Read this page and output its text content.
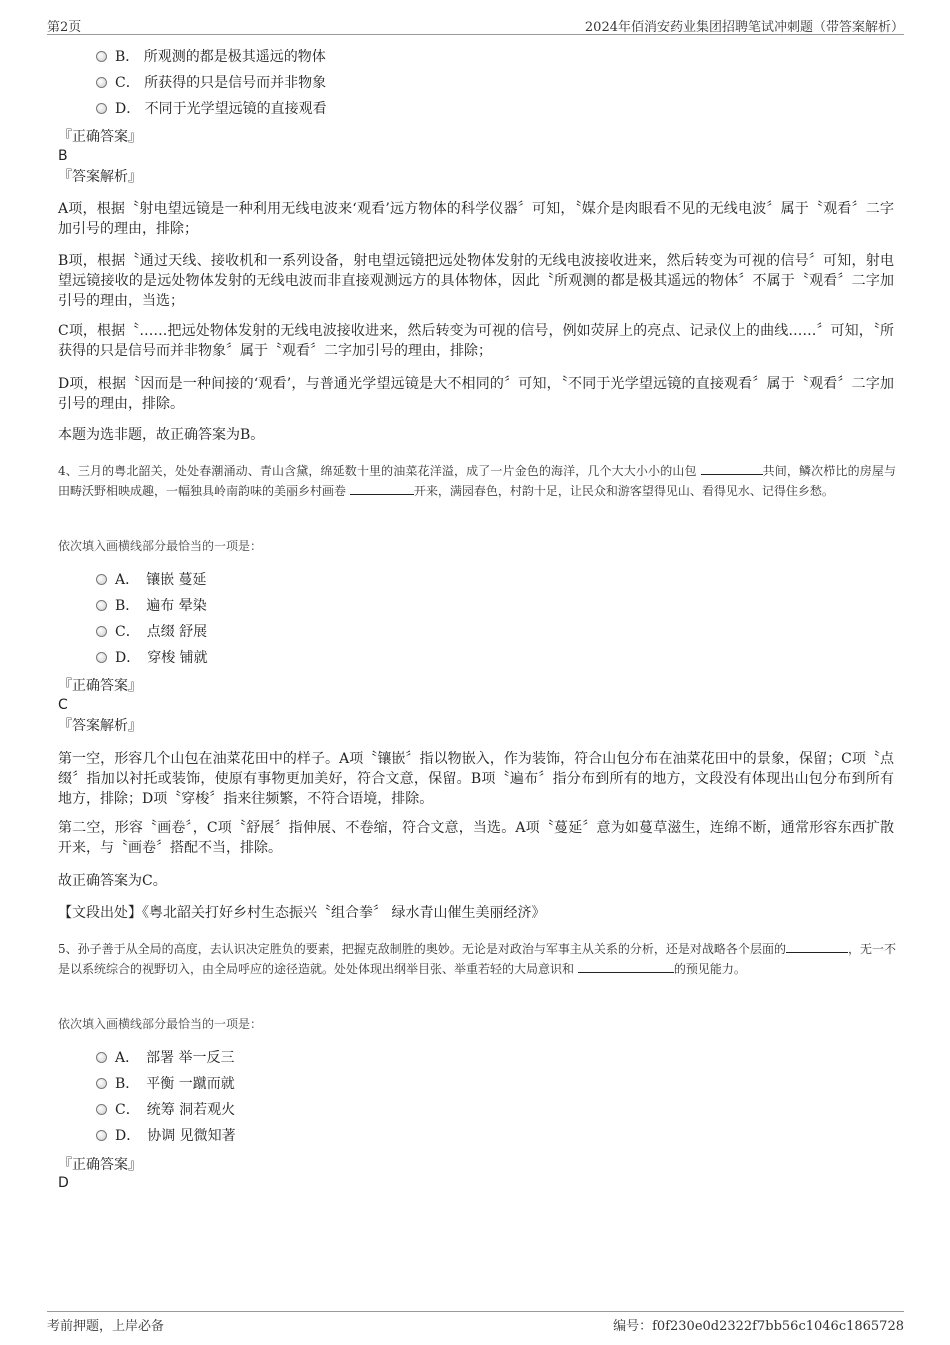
第2页	2024年佰消安药业集团招聘笔试冲刺题（带答案解析）
B． 所观测的都是极其遥远的物体
C． 所获得的只是信号而并非物象
D． 不同于光学望远镜的直接观看
『正确答案』
B
『答案解析』
A项，根据〝射电望远镜是一种利用无线电波来‘观看’远方物体的科学仪器〞可知，〝媒介是肉眼看不见的无线电波〞属于〝观看〞二字加引号的理由，排除；
B项，根据〝通过天线、接收机和一系列设备，射电望远镜把远处物体发射的无线电波接收进来，然后转变为可视的信号〞可知，射电望远镜接收的是远处物体发射的无线电波而非直接观测远方的具体物体，因此〝所观测的都是极其遥远的物体〞不属于〝观看〞二字加引号的理由，当选；
C项，根据〝……把远处物体发射的无线电波接收进来，然后转变为可视的信号，例如荧屏上的亮点、记录仪上的曲线……〞可知，〝所获得的只是信号而并非物象〞属于〝观看〞二字加引号的理由，排除；
D项，根据〝因而是一种间接的‘观看’，与普通光学望远镜是大不相同的〞可知，〝不同于光学望远镜的直接观看〞属于〝观看〞二字加引号的理由，排除。
本题为选非题，故正确答案为B。
4、三月的粤北韶关，处处春潮涌动、青山含黛，绵延数十里的油菜花洋溢，成了一片金色的海洋，几个大大小小的山包	共间，鳞次栉比的房屋与田畴沃野相映成趣，一幅独具岭南韵味的美丽乡村画卷	开来，满园春色，村韵十足，让民众和游客望得见山、看得见水、记得住乡愁。
依次填入画横线部分最恰当的一项是：
A．　镶嵌 蔓延
B．　遍布 晕染
C．　点缀 舒展
D．　穿梭 铺就
『正确答案』
C
『答案解析』
第一空，形容几个山包在油菜花田中的样子。A项〝镶嵌〞指以物嵌入，作为装饰，符合山包分布在油菜花田中的景象，保留；C项〝点缀〞指加以衬托或装饰，使原有事物更加美好，符合文意，保留。B项〝遍布〞指分布到所有的地方，文段没有体现出山包分布到所有地方，排除；D项〝穿梭〞指来往频繁，不符合语境，排除。
第二空，形容〝画卷〞，C项〝舒展〞指伸展、不卷缩，符合文意，当选。A项〝蔓延〞意为如蔓草滋生，连绵不断，通常形容东西扩散开来，与〝画卷〞搭配不当，排除。
故正确答案为C。
【文段出处】《粤北韶关打好乡村生态振兴〝组合拳〞 绿水青山催生美丽经济》
5、孙子善于从全局的高度，去认识决定胜负的要素，把握克敌制胜的奥妙。无论是对政治与军事主从关系的分析，还是对战略各个层面的	，无一不是以系统综合的视野切入，由全局呼应的途径造就。处处体现出纲举目张、举重若轻的大局意识和	的预见能力。
依次填入画横线部分最恰当的一项是：
A．　部署 举一反三
B．　平衡 一蹴而就
C．　统筹 洞若观火
D．　协调 见微知著
『正确答案』
D
考前押题，上岸必备	编号：f0f230e0d2322f7bb56c1046c1865728
